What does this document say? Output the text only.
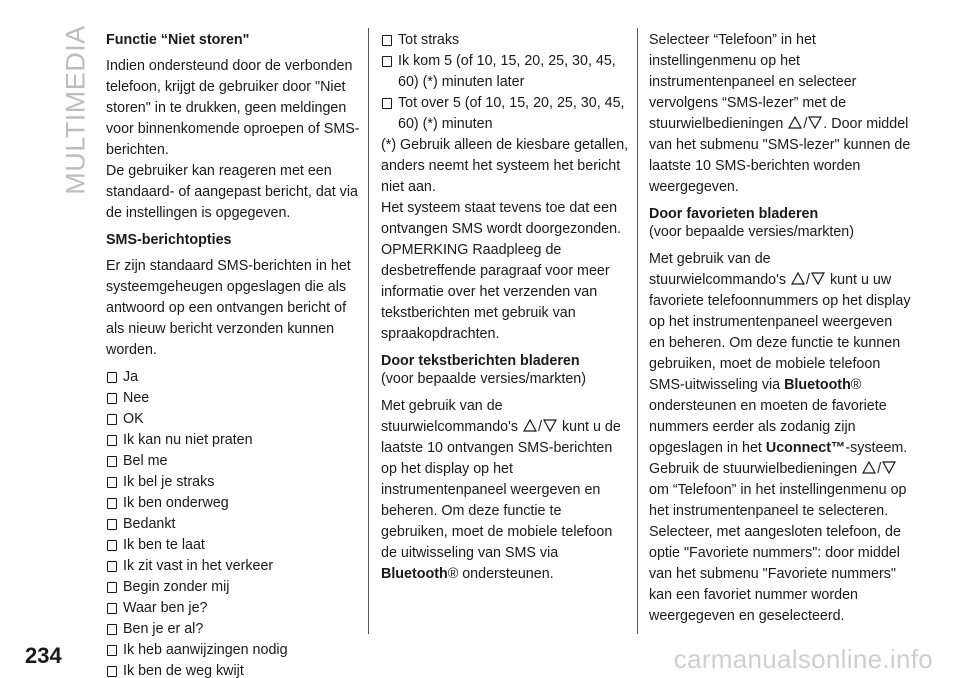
MULTIMEDIA Functie “Niet storen"

Indien ondersteund door de verbonden telefoon, krijgt de gebruiker door "Niet storen" in te drukken, geen meldingen voor binnenkomende oproepen of SMS-berichten.

De gebruiker kan reageren met een standaard- of aangepast bericht, dat via de instellingen is opgegeven.

SMS-berichtopties

Er zijn standaard SMS-berichten in het systeemgeheugen opgeslagen die als antwoord op een ontvangen bericht of als nieuw bericht verzonden kunnen worden.

Ja
Nee
OK
Ik kan nu niet praten
Bel me
Ik bel je straks
Ik ben onderweg
Bedankt
Ik ben te laat
Ik zit vast in het verkeer
Begin zonder mij
Waar ben je?
Ben je er al?
Ik heb aanwijzingen nodig
Ik ben de weg kwijt
Tot straks
Ik kom 5 (of 10, 15, 20, 25, 30, 45, 60) (*) minuten later
Tot over 5 (of 10, 15, 20, 25, 30, 45, 60) (*) minuten

(*) Gebruik alleen de kiesbare getallen, anders neemt het systeem het bericht niet aan.

Het systeem staat tevens toe dat een ontvangen SMS wordt doorgezonden.

OPMERKING Raadpleeg de desbetreffende paragraaf voor meer informatie over het verzenden van tekstberichten met gebruik van spraakopdrachten.

Door tekstberichten bladeren
(voor bepaalde versies/markten)

Met gebruik van de stuurwielcommando's / kunt u de laatste 10 ontvangen SMS-berichten op het display op het instrumentenpaneel weergeven en beheren. Om deze functie te gebruiken, moet de mobiele telefoon de uitwisseling van SMS via Bluetooth® ondersteunen.

Selecteer “Telefoon” in het instellingenmenu op het instrumentenpaneel en selecteer vervolgens “SMS-lezer” met de stuurwielbedieningen / . Door middel van het submenu "SMS-lezer" kunnen de laatste 10 SMS-berichten worden weergegeven.

Door favorieten bladeren
(voor bepaalde versies/markten)

Met gebruik van de stuurwielcommando's / kunt u uw favoriete telefoonnummers op het display op het instrumentenpaneel weergeven en beheren. Om deze functie te kunnen gebruiken, moet de mobiele telefoon SMS-uitwisseling via Bluetooth® ondersteunen en moeten de favoriete nummers eerder als zodanig zijn opgeslagen in het Uconnect™-systeem.

Gebruik de stuurwielbedieningen / om “Telefoon” in het instellingenmenu op het instrumentenpaneel te selecteren.

Selecteer, met aangesloten telefoon, de optie "Favoriete nummers": door middel van het submenu "Favoriete nummers" kan een favoriet nummer worden weergegeven en geselecteerd.

234	carmanualsonline.info
